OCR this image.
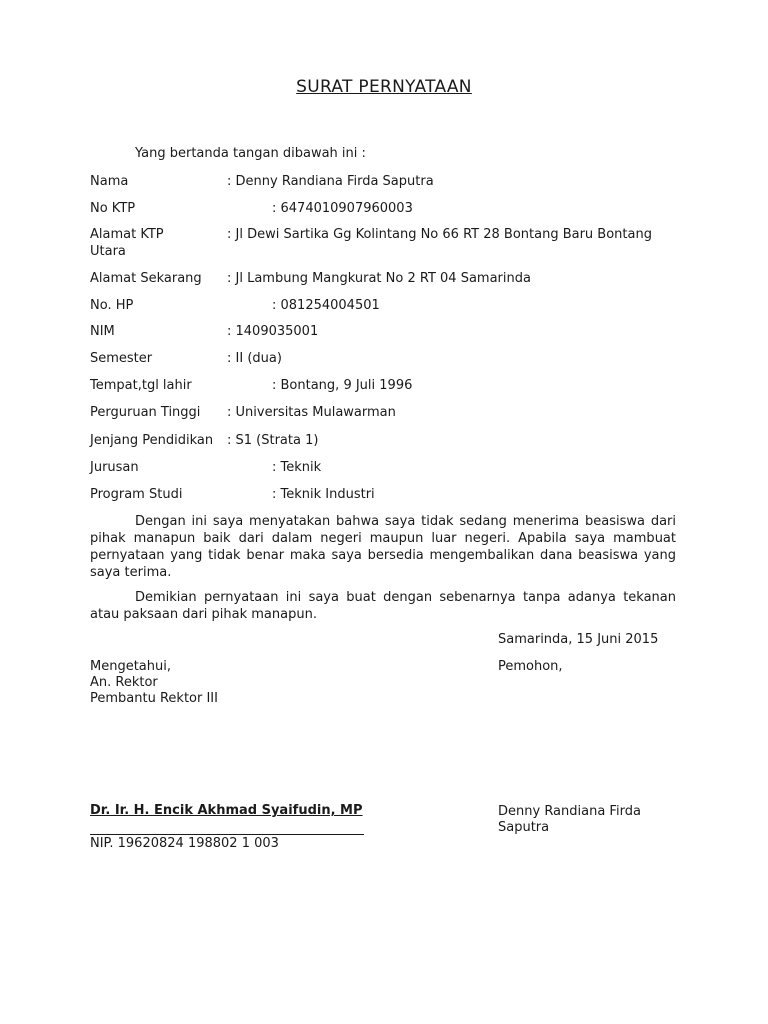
SURAT PERNYATAAN
Yang bertanda tangan dibawah ini :
Nama	: Denny Randiana Firda Saputra
No KTP	: 6474010907960003
Alamat KTP	: Jl Dewi Sartika Gg Kolintang No 66 RT 28 Bontang Baru Bontang
Utara
Alamat Sekarang : Jl Lambung Mangkurat No 2 RT 04 Samarinda
No. HP	: 081254004501
NIM	: 1409035001
Semester	: II (dua)
Tempat,tgl lahir	: Bontang, 9 Juli 1996
Perguruan Tinggi : Universitas Mulawarman
Jenjang Pendidikan : S1 (Strata 1)
Jurusan	: Teknik
Program Studi	: Teknik Industri
Dengan ini saya menyatakan bahwa saya tidak sedang menerima beasiswa dari pihak manapun baik dari dalam negeri maupun luar negeri. Apabila saya mambuat pernyataan yang tidak benar maka saya bersedia mengembalikan dana beasiswa yang saya terima.
Demikian pernyataan ini saya buat dengan sebenarnya tanpa adanya tekanan atau paksaan dari pihak manapun.
Samarinda, 15 Juni 2015
Mengetahui,
An. Rektor
Pembantu Rektor III
Dr. Ir. H. Encik Akhmad Syaifudin, MP
NIP. 19620824 198802 1 003
Pemohon,
Denny Randiana Firda Saputra
